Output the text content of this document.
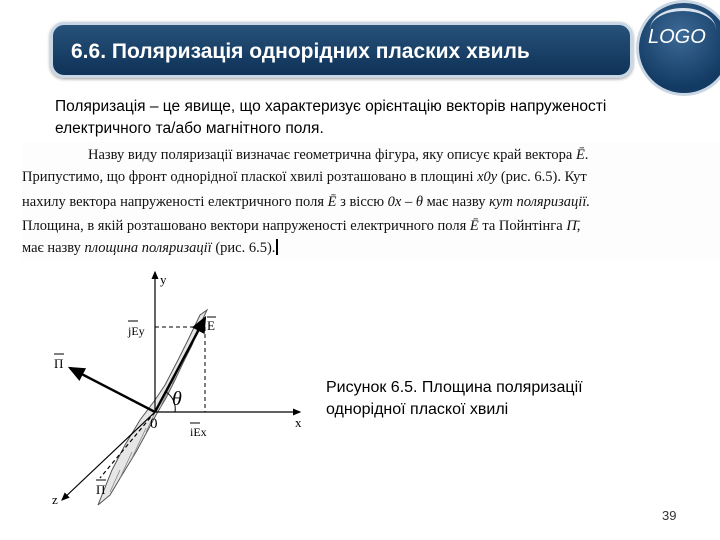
6.6. Поляризація однорідних пласких хвиль
LOGO
Поляризація – це явище, що характеризує орієнтацію векторів напруженості електричного та/або магнітного поля.
Назву виду поляризації визначає геометрична фігура, яку описує край вектора Ē.
Припустимо, що фронт однорідної пласкої хвилі розташовано в площині x0y (рис. 6.5). Кут
нахилу вектора напруженості електричного поля Ē з віссю 0x – θ має назву кут поляризації.
Площина, в якій розташовано вектори напруженості електричного поля Ē та Пойнтінга Π̄,
має назву площина поляризації (рис. 6.5).
y
x
z
0
E
jEy
iEx
θ
Π
Π
Рисунок 6.5. Площина поляризації однорідної пласкої хвилі
39
